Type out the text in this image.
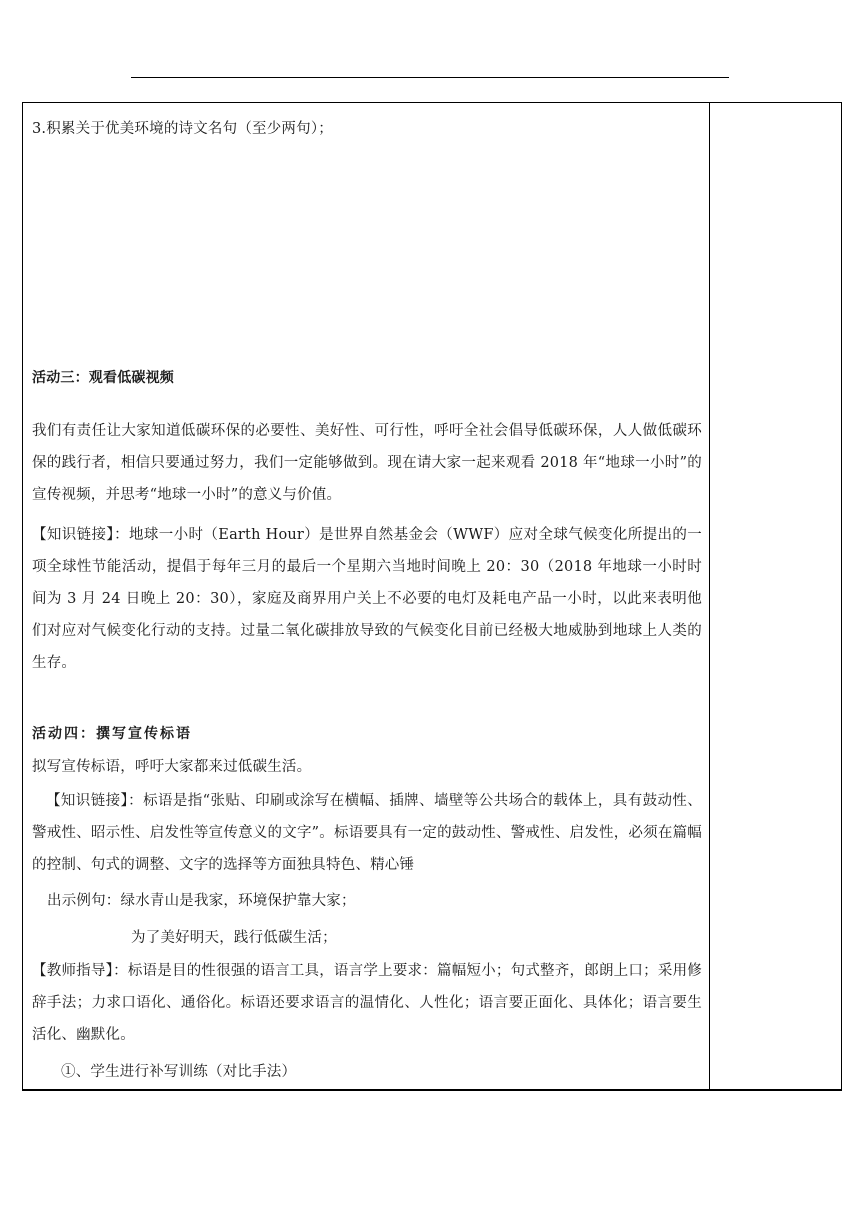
3.积累关于优美环境的诗文名句（至少两句）；

活动三：观看低碳视频

我们有责任让大家知道低碳环保的必要性、美好性、可行性，呼吁全社会倡导低碳环保，人人做低碳环保的践行者，相信只要通过努力，我们一定能够做到。现在请大家一起来观看 2018 年“地球一小时”的宣传视频，并思考“地球一小时”的意义与价值。

【知识链接】：地球一小时（Earth Hour）是世界自然基金会（WWF）应对全球气候变化所提出的一项全球性节能活动，提倡于每年三月的最后一个星期六当地时间晚上 20：30（2018 年地球一小时时间为 3 月 24 日晚上 20：30），家庭及商界用户关上不必要的电灯及耗电产品一小时，以此来表明他们对应对气候变化行动的支持。过量二氧化碳排放导致的气候变化目前已经极大地威胁到地球上人类的生存。

活动四：撰写宣传标语

拟写宣传标语，呼吁大家都来过低碳生活。

【知识链接】：标语是指“张贴、印刷或涂写在横幅、插牌、墙壁等公共场合的载体上，具有鼓动性、警戒性、昭示性、启发性等宣传意义的文字”。标语要具有一定的鼓动性、警戒性、启发性，必须在篇幅的控制、句式的调整、文字的选择等方面独具特色、精心锤

出示例句：绿水青山是我家，环境保护靠大家；

为了美好明天，践行低碳生活；

【教师指导】：标语是目的性很强的语言工具，语言学上要求：篇幅短小；句式整齐，郎朗上口；采用修辞手法；力求口语化、通俗化。标语还要求语言的温情化、人性化；语言要正面化、具体化；语言要生活化、幽默化。

①、学生进行补写训练（对比手法）
